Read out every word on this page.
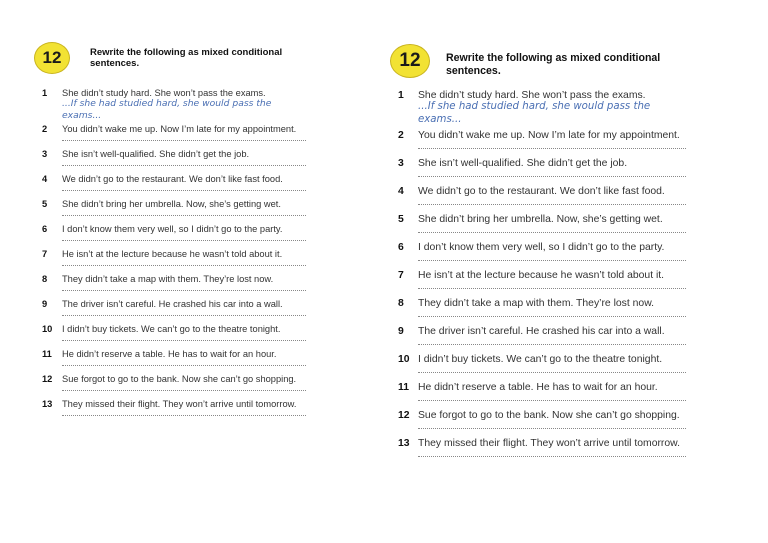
12	Rewrite the following as mixed conditional sentences.
1 She didn’t study hard. She won’t pass the exams.
...If she had studied hard, she would pass the exams...
2 You didn’t wake me up. Now I’m late for my appointment.
3 She isn’t well-qualified. She didn’t get the job.
4 We didn’t go to the restaurant. We don’t like fast food.
5 She didn’t bring her umbrella. Now, she’s getting wet.
6 I don’t know them very well, so I didn’t go to the party.
7 He isn’t at the lecture because he wasn’t told about it.
8 They didn’t take a map with them. They’re lost now.
9 The driver isn’t careful. He crashed his car into a wall.
10 I didn’t buy tickets. We can’t go to the theatre tonight.
11 He didn’t reserve a table. He has to wait for an hour.
12 Sue forgot to go to the bank. Now she can’t go shopping.
13 They missed their flight. They won’t arrive until tomorrow.
12	Rewrite the following as mixed conditional sentences.
1 She didn’t study hard. She won’t pass the exams.
...If she had studied hard, she would pass the exams...
2 You didn’t wake me up. Now I’m late for my appointment.
3 She isn’t well-qualified. She didn’t get the job.
4 We didn’t go to the restaurant. We don’t like fast food.
5 She didn’t bring her umbrella. Now, she’s getting wet.
6 I don’t know them very well, so I didn’t go to the party.
7 He isn’t at the lecture because he wasn’t told about it.
8 They didn’t take a map with them. They’re lost now.
9 The driver isn’t careful. He crashed his car into a wall.
10 I didn’t buy tickets. We can’t go to the theatre tonight.
11 He didn’t reserve a table. He has to wait for an hour.
12 Sue forgot to go to the bank. Now she can’t go shopping.
13 They missed their flight. They won’t arrive until tomorrow.
